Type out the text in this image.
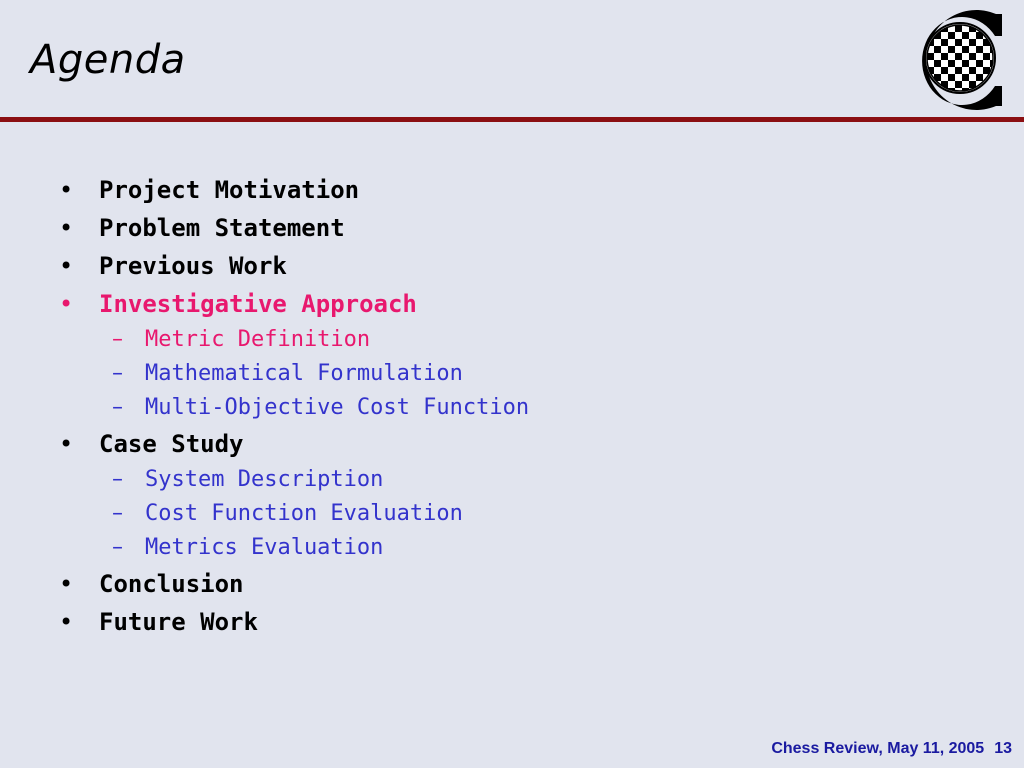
Agenda
• Project Motivation
• Problem Statement
• Previous Work
• Investigative Approach
– Metric Definition
– Mathematical Formulation
– Multi-Objective Cost Function
• Case Study
– System Description
– Cost Function Evaluation
– Metrics Evaluation
• Conclusion
• Future Work
Chess Review, May 11, 2005 13
